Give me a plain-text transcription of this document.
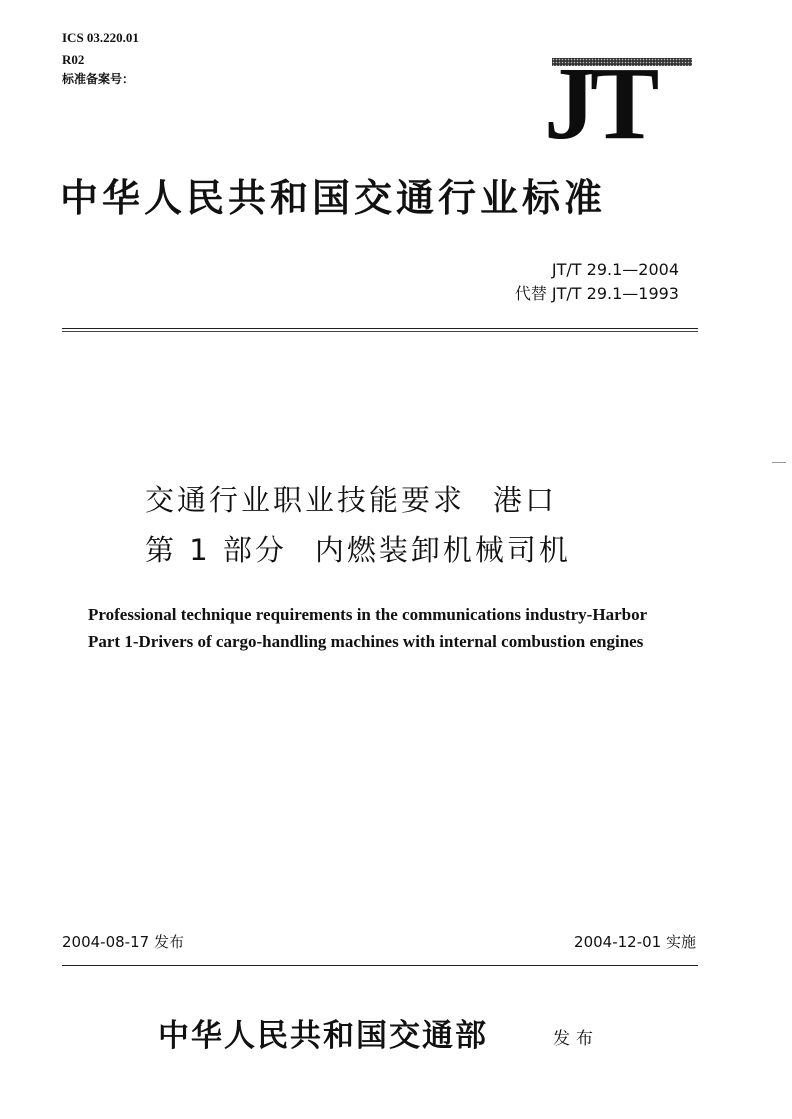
ICS 03.220.01
R02
标准备案号：	JT
中华人民共和国交通行业标准
JT/T 29.1—2004
代替 JT/T 29.1—1993
交通行业职业技能要求 港口
第 1 部分 内燃装卸机械司机
Professional technique requirements in the communications industry-Harbor
Part 1-Drivers of cargo-handling machines with internal combustion engines
2004-08-17 发布	2004-12-01 实施
中华人民共和国交通部	发布
